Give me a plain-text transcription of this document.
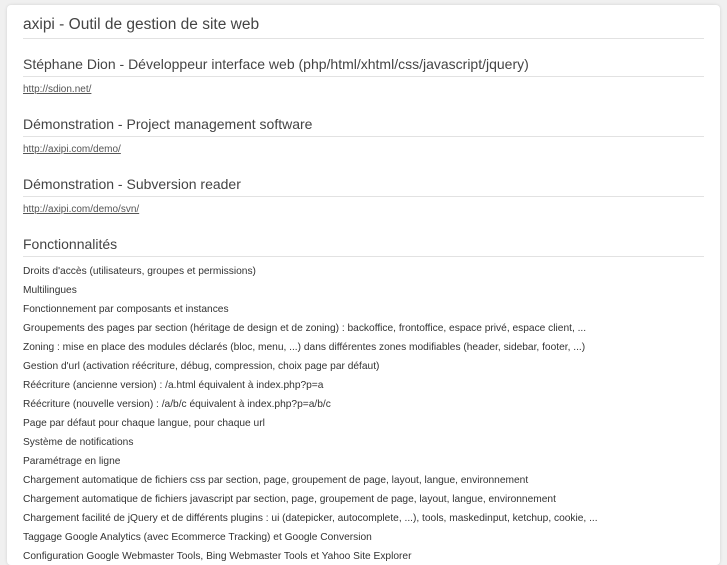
axipi - Outil de gestion de site web
Stéphane Dion - Développeur interface web (php/html/xhtml/css/javascript/jquery)
http://sdion.net/
Démonstration - Project management software
http://axipi.com/demo/
Démonstration - Subversion reader
http://axipi.com/demo/svn/
Fonctionnalités
Droits d'accès (utilisateurs, groupes et permissions)
Multilingues
Fonctionnement par composants et instances
Groupements des pages par section (héritage de design et de zoning) : backoffice, frontoffice, espace privé, espace client, ...
Zoning : mise en place des modules déclarés (bloc, menu, ...) dans différentes zones modifiables (header, sidebar, footer, ...)
Gestion d'url (activation réécriture, débug, compression, choix page par défaut)
Réécriture (ancienne version) : /a.html équivalent à index.php?p=a
Réécriture (nouvelle version) : /a/b/c équivalent à index.php?p=a/b/c
Page par défaut pour chaque langue, pour chaque url
Système de notifications
Paramétrage en ligne
Chargement automatique de fichiers css par section, page, groupement de page, layout, langue, environnement
Chargement automatique de fichiers javascript par section, page, groupement de page, layout, langue, environnement
Chargement facilité de jQuery et de différents plugins : ui (datepicker, autocomplete, ...), tools, maskedinput, ketchup, cookie, ...
Taggage Google Analytics (avec Ecommerce Tracking) et Google Conversion
Configuration Google Webmaster Tools, Bing Webmaster Tools et Yahoo Site Explorer
